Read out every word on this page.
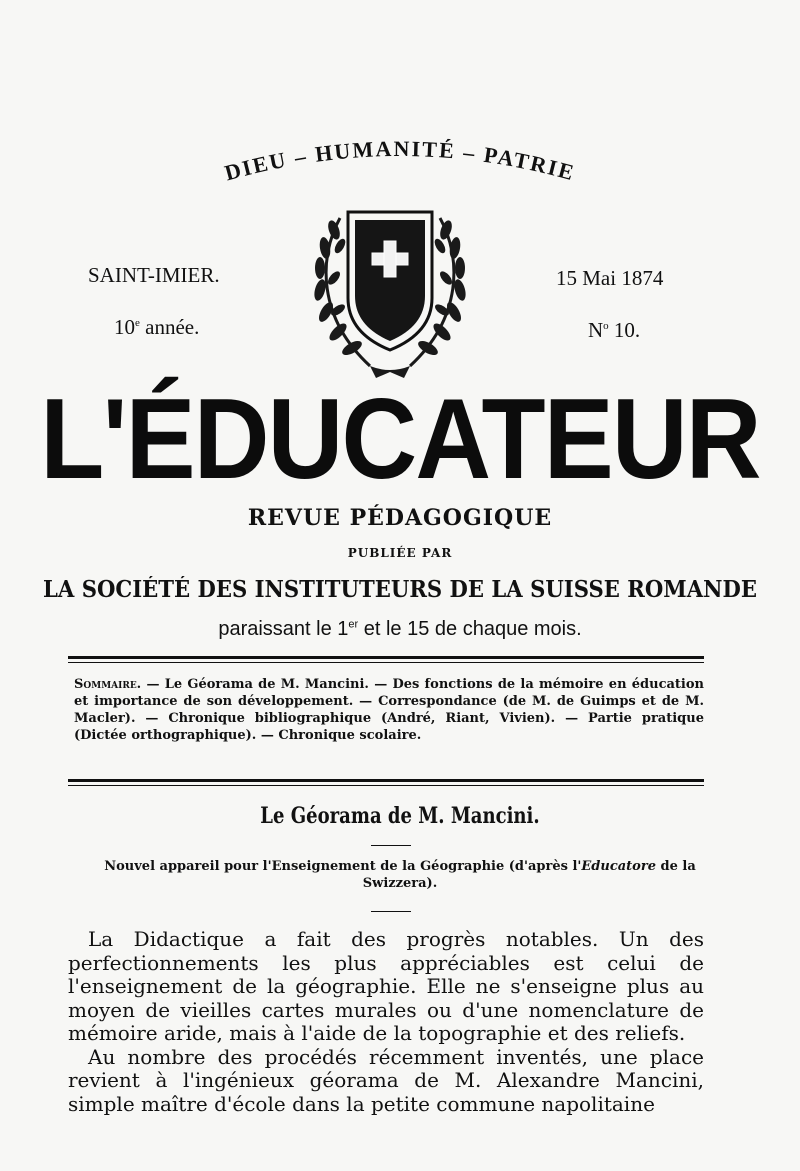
DIEU – HUMANITÉ – PATRIE
SAINT-IMIER.	15 Mai 1874
10e année.	$N^o$ 10.
L'ÉDUCATEUR
REVUE PÉDAGOGIQUE
PUBLIÉE PAR
LA SOCIÉTÉ DES INSTITUTEURS DE LA SUISSE ROMANDE
paraissant le 1er et le 15 de chaque mois.
Sommaire. — Le Géorama de M. Mancini. — Des fonctions de la mémoire en éducation et importance de son développement. — Correspondance (de M. de Guimps et de M. Macler). — Chronique bibliographique (André, Riant, Vivien). — Partie pratique (Dictée orthographique). — Chronique scolaire.
Le Géorama de M. Mancini.
Nouvel appareil pour l'Enseignement de la Géographie (d'après l'Educatore de la Swizzera).

La Didactique a fait des progrès notables. Un des perfectionnements les plus appréciables est celui de l'enseignement de la géographie. Elle ne s'enseigne plus au moyen de vieilles cartes murales ou d'une nomenclature de mémoire aride, mais à l'aide de la topographie et des reliefs.

Au nombre des procédés récemment inventés, une place revient à l'ingénieux géorama de M. Alexandre Mancini, simple maître d'école dans la petite commune napolitaine
